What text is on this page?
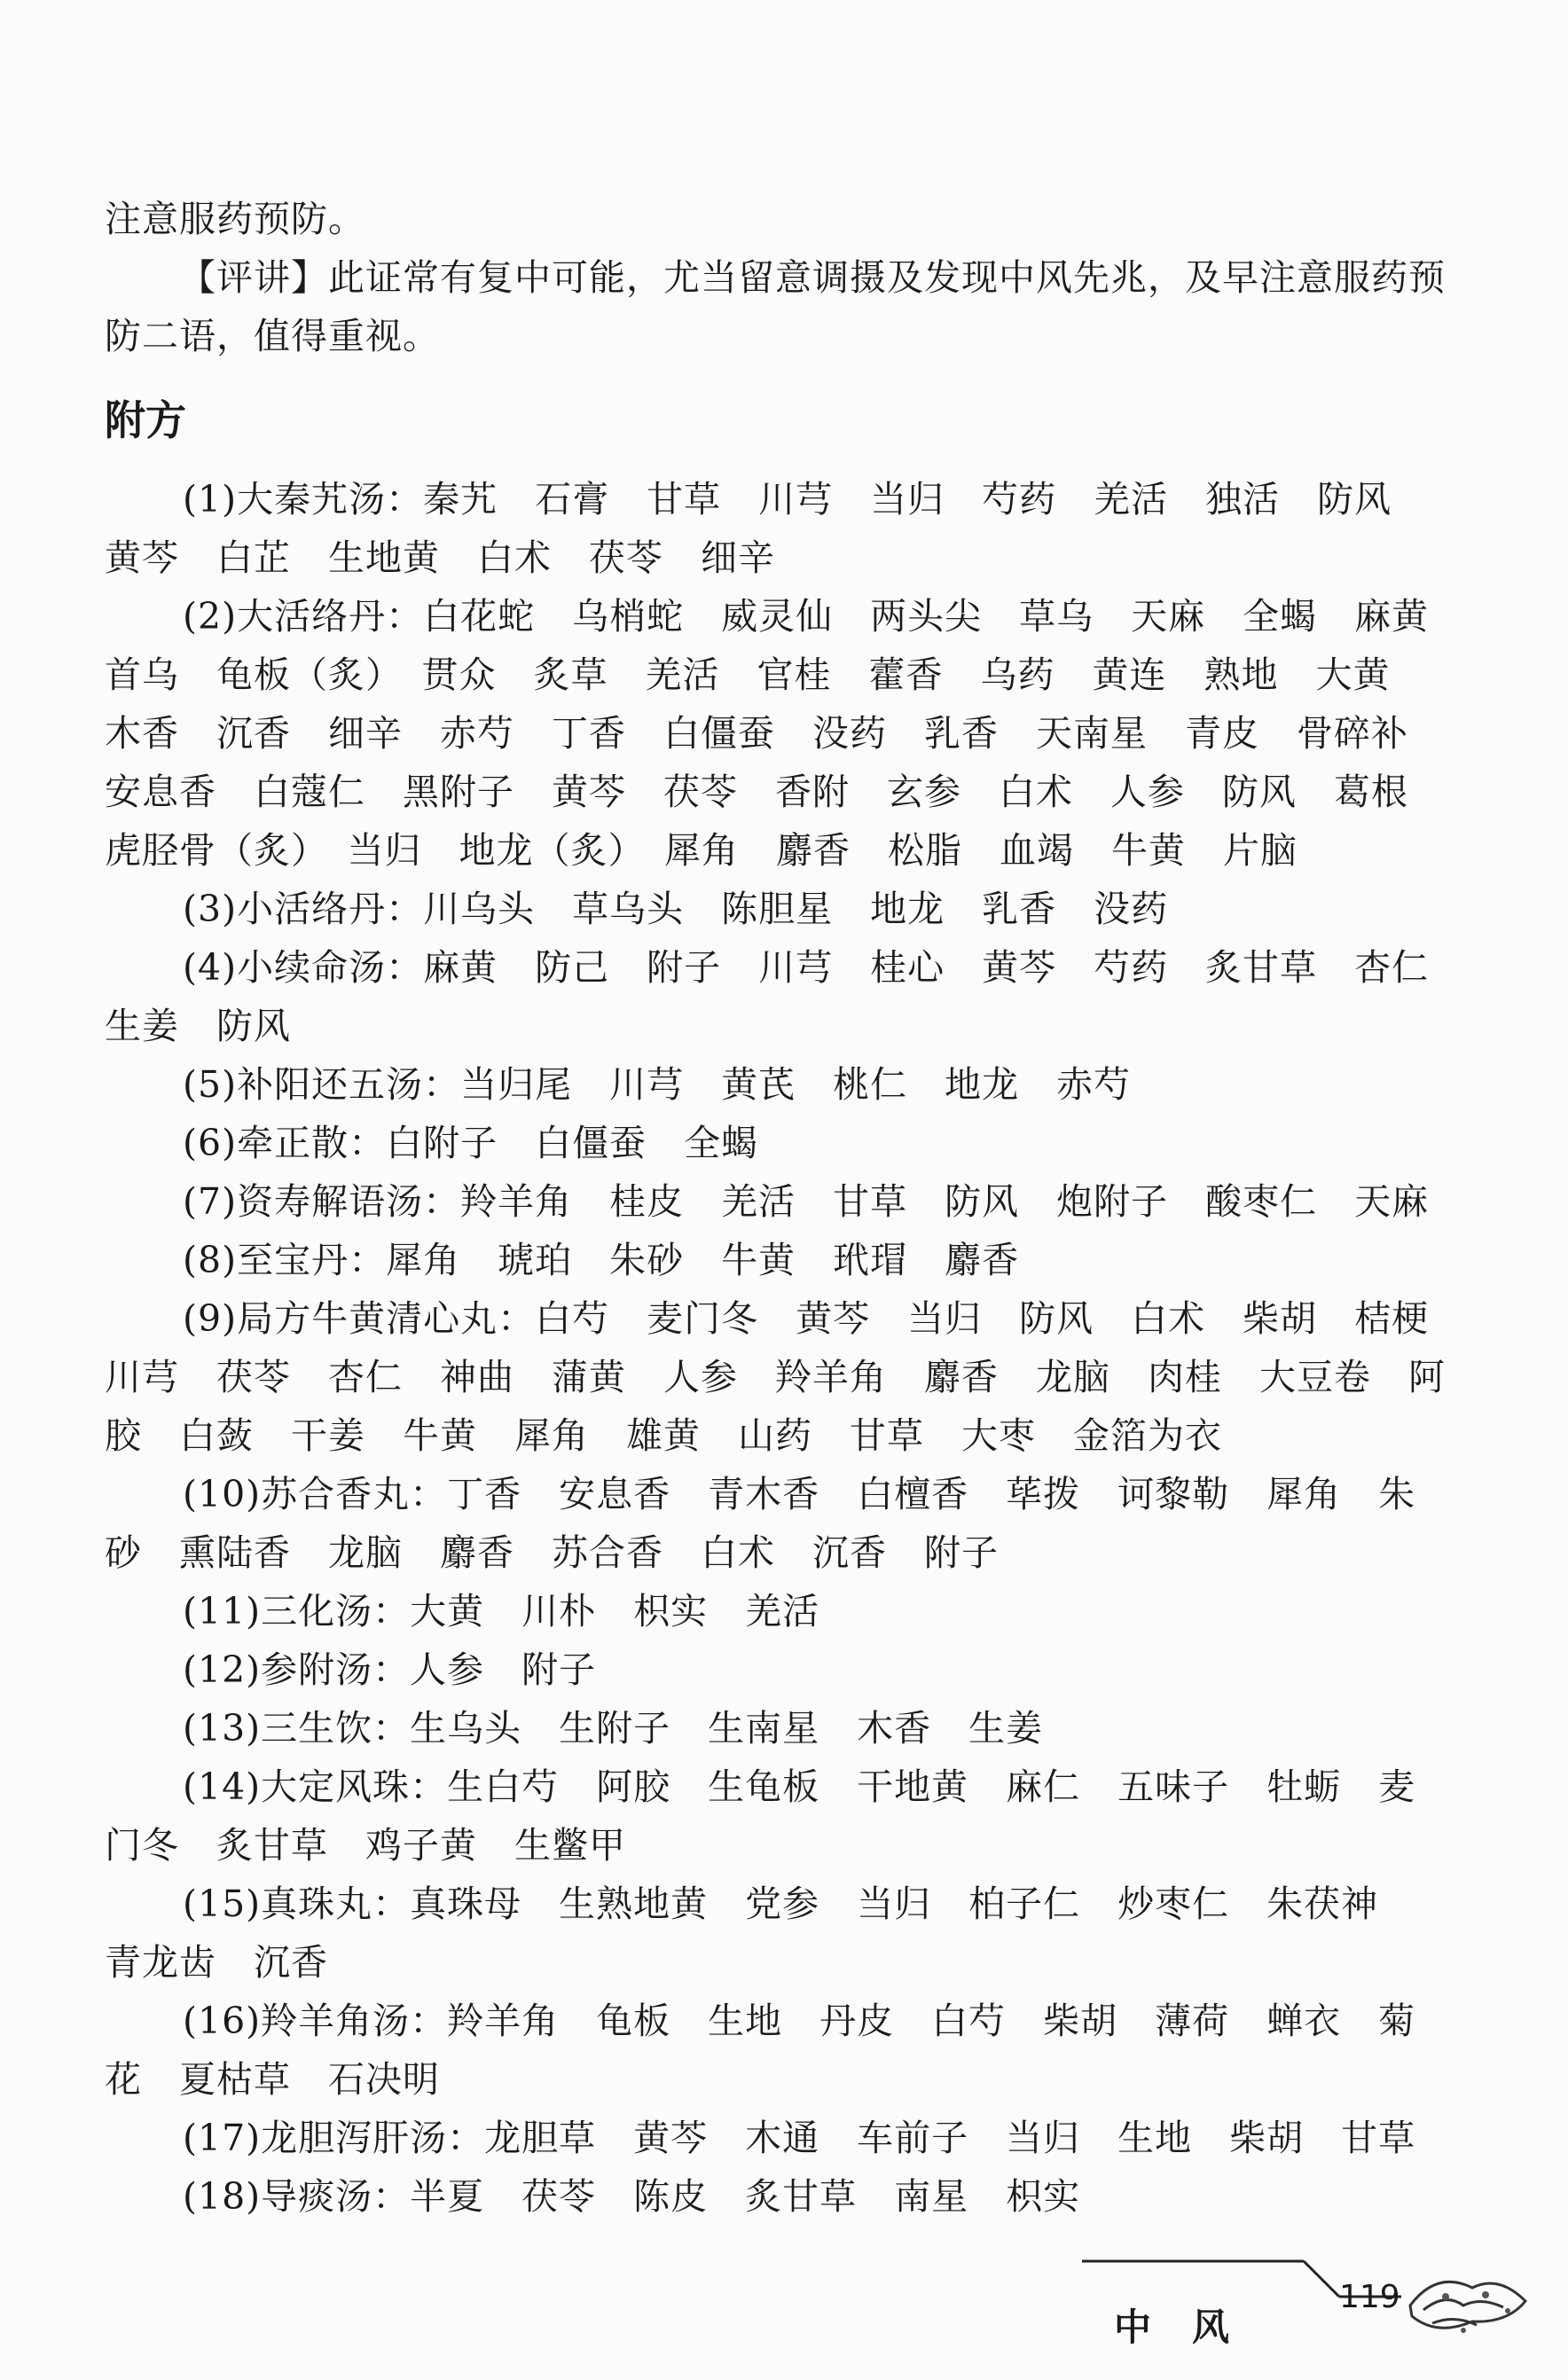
注意服药预防。

【评讲】此证常有复中可能，尤当留意调摄及发现中风先兆，及早注意服药预防二语，值得重视。

附方

(1)大秦艽汤：秦艽　石膏　甘草　川芎　当归　芍药　羌活　独活　防风　黄芩　白芷　生地黄　白术　茯苓　细辛

(2)大活络丹：白花蛇　乌梢蛇　威灵仙　两头尖　草乌　天麻　全蝎　麻黄　首乌　龟板（炙）　贯众　炙草　羌活　官桂　藿香　乌药　黄连　熟地　大黄　木香　沉香　细辛　赤芍　丁香　白僵蚕　没药　乳香　天南星　青皮　骨碎补　安息香　白蔻仁　黑附子　黄芩　茯苓　香附　玄参　白术　人参　防风　葛根　虎胫骨（炙）　当归　地龙（炙）　犀角　麝香　松脂　血竭　牛黄　片脑

(3)小活络丹：川乌头　草乌头　陈胆星　地龙　乳香　没药

(4)小续命汤：麻黄　防己　附子　川芎　桂心　黄芩　芍药　炙甘草　杏仁　生姜　防风

(5)补阳还五汤：当归尾　川芎　黄芪　桃仁　地龙　赤芍

(6)牵正散：白附子　白僵蚕　全蝎

(7)资寿解语汤：羚羊角　桂皮　羌活　甘草　防风　炮附子　酸枣仁　天麻

(8)至宝丹：犀角　琥珀　朱砂　牛黄　玳瑁　麝香

(9)局方牛黄清心丸：白芍　麦门冬　黄芩　当归　防风　白术　柴胡　桔梗　川芎　茯苓　杏仁　神曲　蒲黄　人参　羚羊角　麝香　龙脑　肉桂　大豆卷　阿胶　白蔹　干姜　牛黄　犀角　雄黄　山药　甘草　大枣　金箔为衣

(10)苏合香丸：丁香　安息香　青木香　白檀香　荜拨　诃黎勒　犀角　朱砂　熏陆香　龙脑　麝香　苏合香　白术　沉香　附子

(11)三化汤：大黄　川朴　枳实　羌活

(12)参附汤：人参　附子

(13)三生饮：生乌头　生附子　生南星　木香　生姜

(14)大定风珠：生白芍　阿胶　生龟板　干地黄　麻仁　五味子　牡蛎　麦门冬　炙甘草　鸡子黄　生鳖甲

(15)真珠丸：真珠母　生熟地黄　党参　当归　柏子仁　炒枣仁　朱茯神　青龙齿　沉香

(16)羚羊角汤：羚羊角　龟板　生地　丹皮　白芍　柴胡　薄荷　蝉衣　菊花　夏枯草　石决明

(17)龙胆泻肝汤：龙胆草　黄芩　木通　车前子　当归　生地　柴胡　甘草

(18)导痰汤：半夏　茯苓　陈皮　炙甘草　南星　枳实

中风
119
